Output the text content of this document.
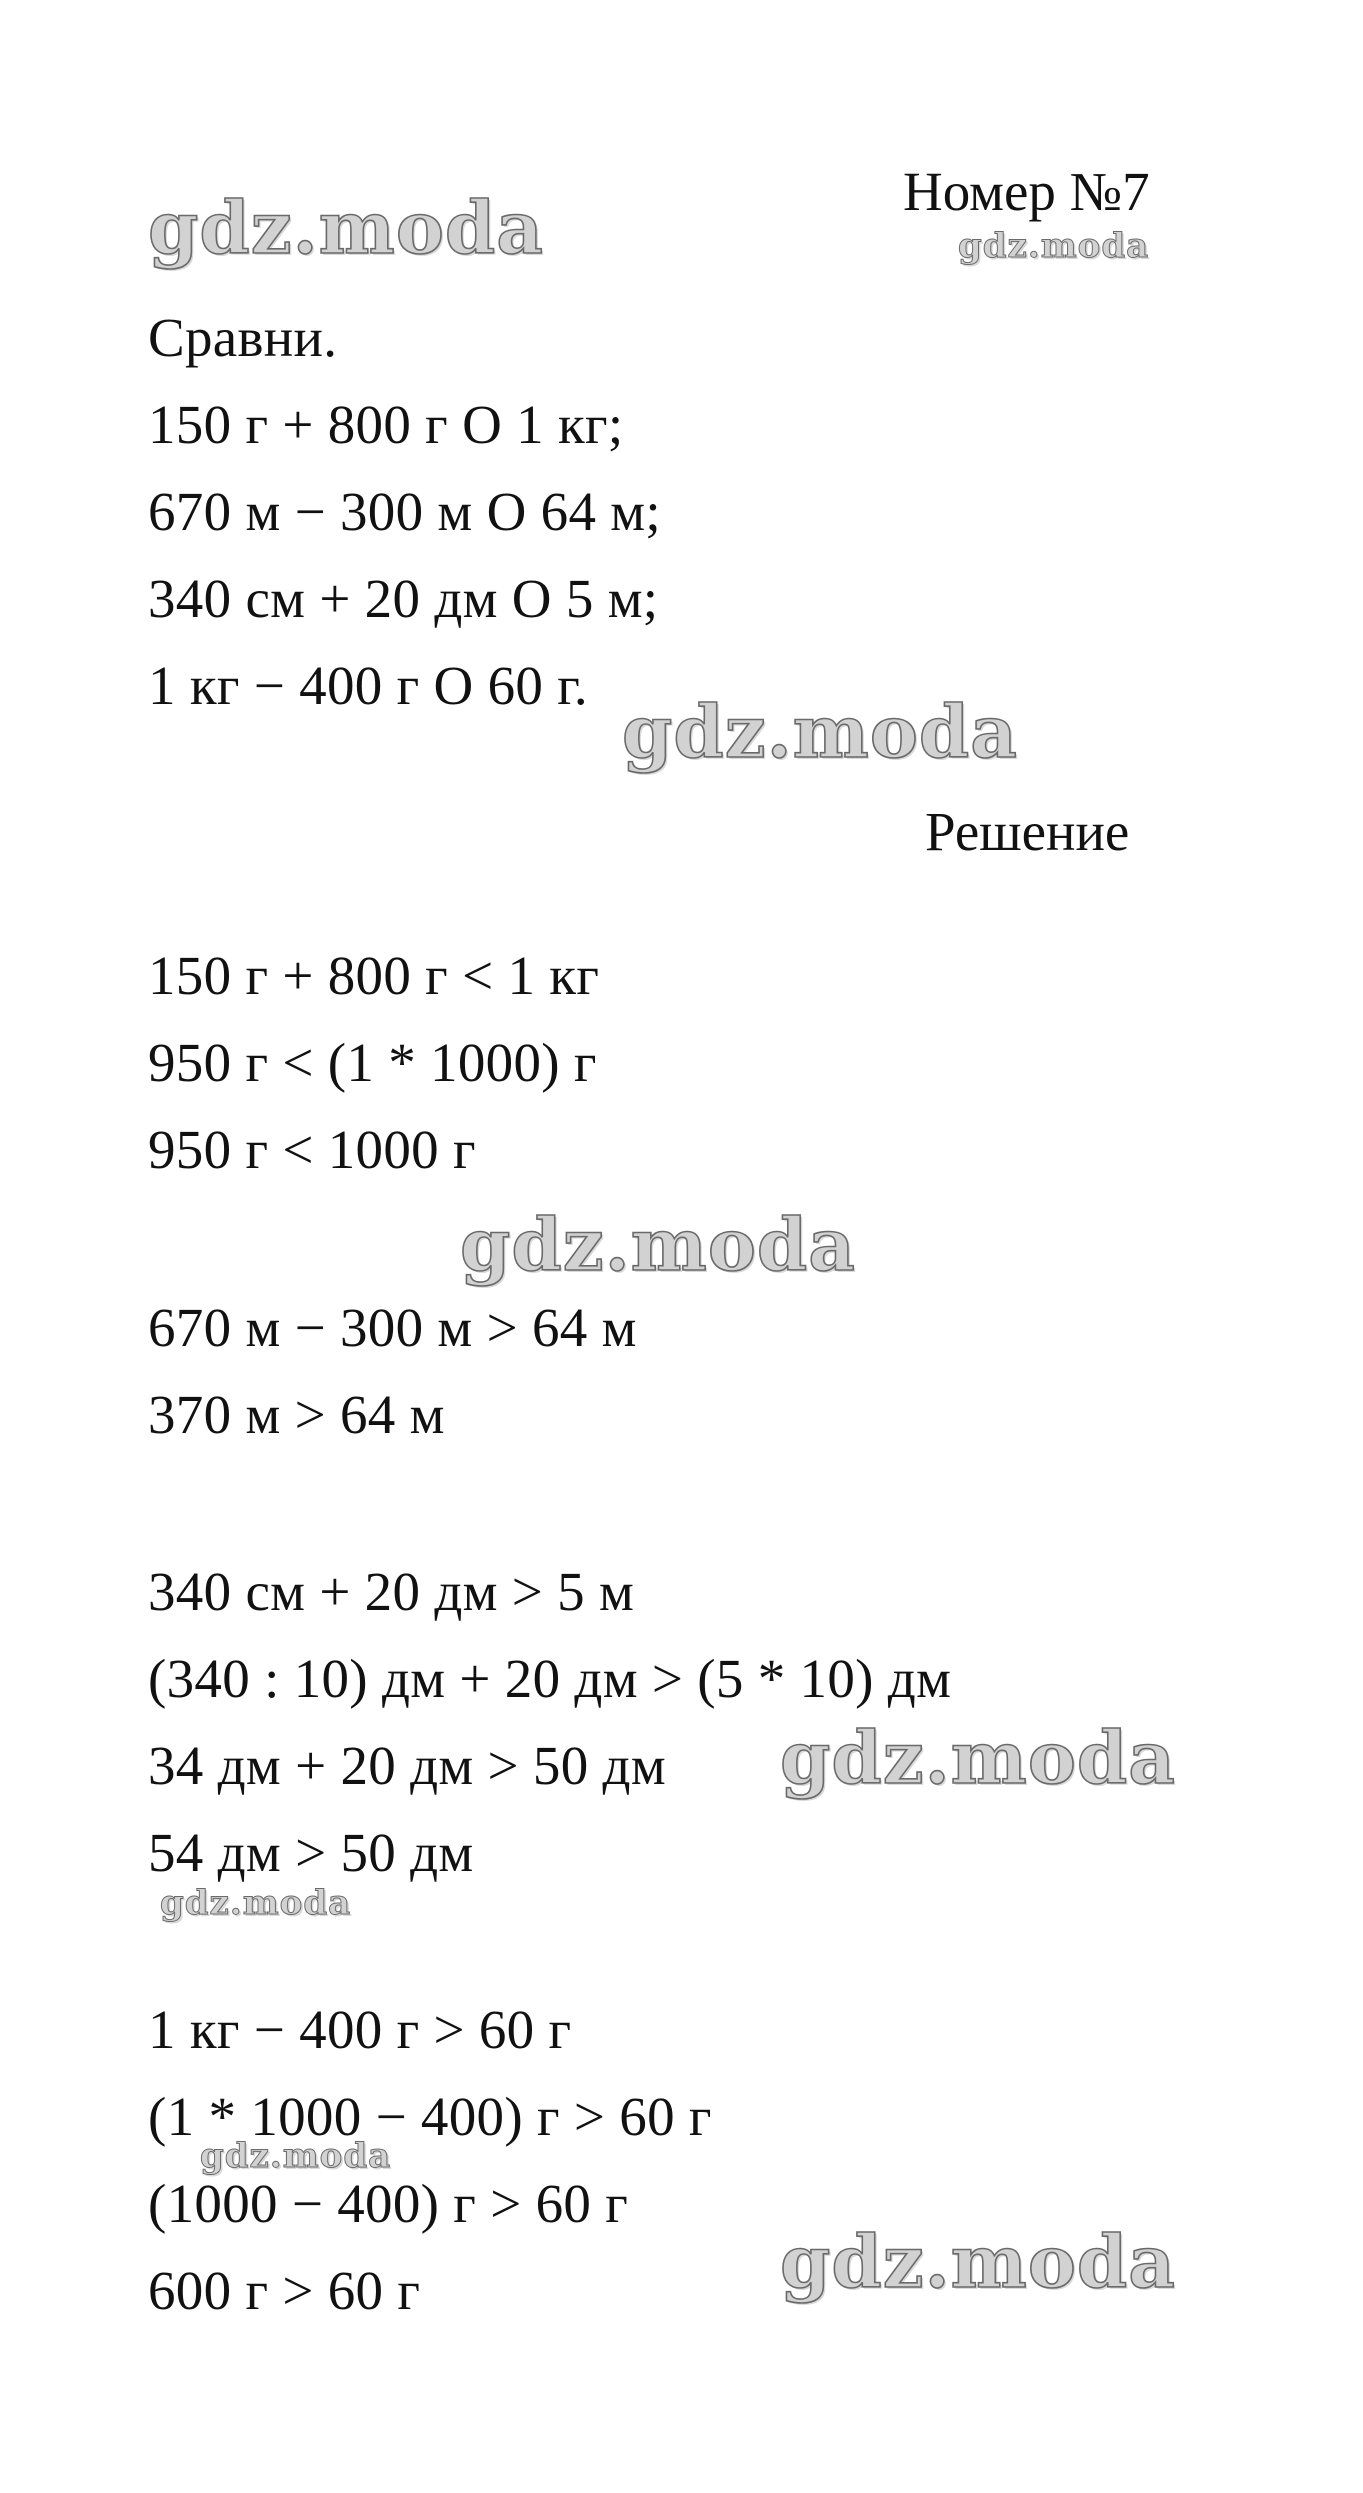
Номер №7
Сравни.
150 г + 800 г О 1 кг;
670 м − 300 м О 64 м;
340 см + 20 дм О 5 м;
1 кг − 400 г О 60 г.
Решение
150 г + 800 г < 1 кг
950 г < (1 * 1000) г
950 г < 1000 г
670 м − 300 м > 64 м
370 м > 64 м
340 см + 20 дм > 5 м
(340 : 10) дм + 20 дм > (5 * 10) дм
34 дм + 20 дм > 50 дм
54 дм > 50 дм
1 кг − 400 г > 60 г
(1 * 1000 − 400) г > 60 г
(1000 − 400) г > 60 г
600 г > 60 г
gdz.moda	gdz.moda
gdz.moda
gdz.moda
gdz.moda
gdz.moda
gdz.moda
gdz.moda
